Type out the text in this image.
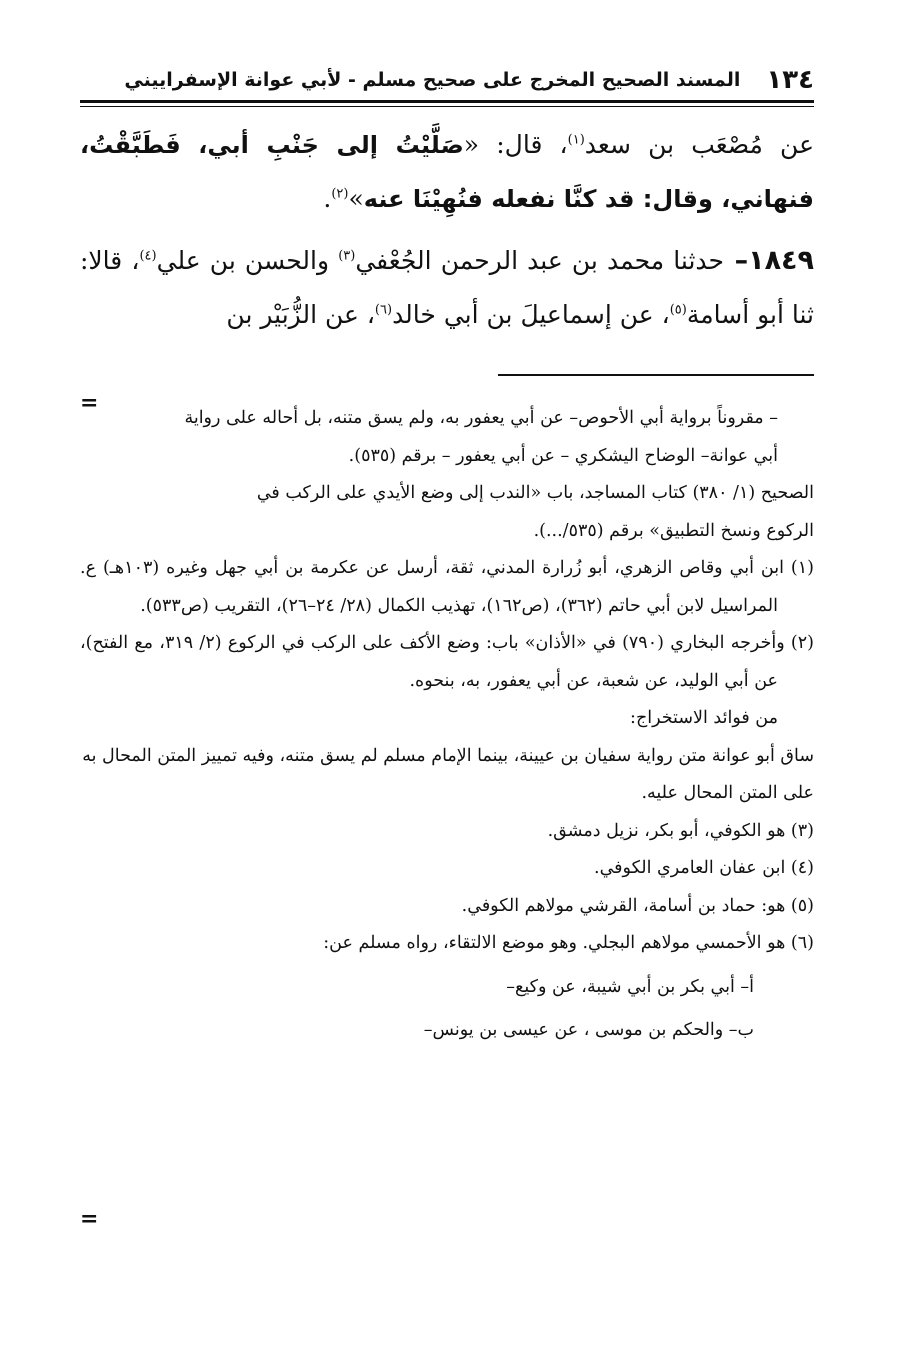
١٣٤
المسند الصحيح المخرج على صحيح مسلم - لأبي عوانة الإسفراييني

عن مُصْعَب بن سعد$^{(١)}$، قال: «صَلَّيْتُ إلى جَنْبِ أبي، فَطَبَّقْتُ، فنهاني، وقال: قد كنَّا نفعله فنُهِيْنَا عنه»$^{(٢)}$.

١٨٤٩– حدثنا محمد بن عبد الرحمن الجُعْفي$^{(٣)}$ والحسن بن علي$^{(٤)}$، قالا: ثنا أبو أسامة$^{(٥)}$، عن إسماعيلَ بن أبي خالد$^{(٦)}$، عن الزُّبَيْر بن

=

– مقروناً برواية أبي الأحوص– عن أبي يعفور به، ولم يسق متنه، بل أحاله على رواية

أبي عوانة– الوضاح اليشكري – عن أبي يعفور – برقم (٥٣٥).

الصحيح (١/ ٣٨٠) كتاب المساجد، باب «الندب إلى وضع الأيدي على الركب في

الركوع ونسخ التطبيق» برقم (٥٣٥/...).

(١) ابن أبي وقاص الزهري، أبو زُرارة المدني، ثقة، أرسل عن عكرمة بن أبي جهل وغيره (١٠٣هـ) ع. المراسيل لابن أبي حاتم (٣٦٢)، (ص١٦٢)، تهذيب الكمال (٢٨/ ٢٤–٢٦)، التقريب (ص٥٣٣).

(٢) وأخرجه البخاري (٧٩٠) في «الأذان» باب: وضع الأكف على الركب في الركوع (٢/ ٣١٩، مع الفتح)، عن أبي الوليد، عن شعبة، عن أبي يعفور، به، بنحوه.

من فوائد الاستخراج:

ساق أبو عوانة متن رواية سفيان بن عيينة، بينما الإمام مسلم لم يسق متنه، وفيه تمييز المتن المحال به على المتن المحال عليه.

(٣) هو الكوفي، أبو بكر، نزيل دمشق.

(٤) ابن عفان العامري الكوفي.

(٥) هو: حماد بن أسامة، القرشي مولاهم الكوفي.

(٦) هو الأحمسي مولاهم البجلي. وهو موضع الالتقاء، رواه مسلم عن:

أ– أبي بكر بن أبي شيبة، عن وكيع–

ب– والحكم بن موسى ، عن عيسى بن يونس–

=
